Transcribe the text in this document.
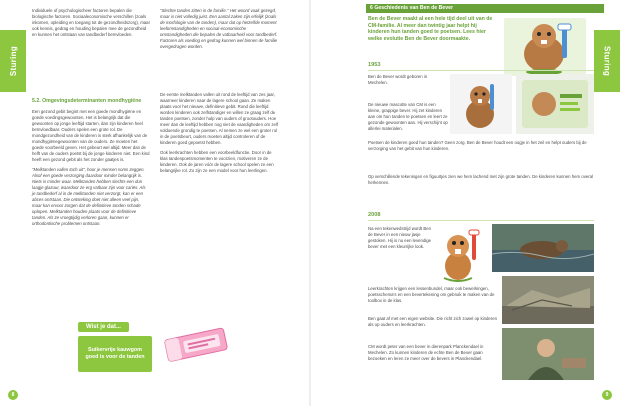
Sturing

Individuele of psychologischeer factoren bepalen die biologische factoren. Sociaaleconomische verschillen (zoals inkomen, opleiding en toegang tot de gezondheidszorg), maar ook kennis, gedrag en houding bepalen mee de gezondheid en kunnen het ontstaan van tandbederf beïnvloeden.

"Slechte tanden zitten in de familie." Het woord vaak gezegd, maar is niet volledig juist. Een aantal zaken zijn erfelijk (zoals de morfologie van de tanden), maar dat op hetzelfde moment leefomstandigheden en sociaal-economische omstandigheden die bepalen de vatbaarheid voor tandbederf. Factoren als voeding en gedrag kunnen wel binnen de familie overgedragen worden.

5.2. Omgevingsdeterminanten mondhygiëne

Een gezond gebit begint met een goede mondhygiëne en goede voedingsgewoonten. Het is belangrijk dat die gewoonten op jonge leeftijd starten, dan zijn kinderen heel beïnvloedbaar. Ouders spelen een grote rol. De mondgezondheid van de kinderen is sterk afhankelijk van de mondhygiënegewoonten van de ouders. Ze moeten het goede voorbeeld geven. Het gebeurt wel altijd. Meer dan de helft van de ouders poetst bij de jonge kinderen niet. Een kind heeft een gezond gebit als het zonder gaatjes is.

"Melktanden vallen toch uit", hoor je mensen soms zeggen. Alsof een goede verzorging daardoor minder belangrijk is. Niets is minder waar. Melktanden hebben slechts een dun laagje glazuur, waardoor ze erg vatbaar zijn voor cariës. Als je tandbederf al in de melktanden niet verzorgt, kan er een abces ontstaan. Die ontsteking doet niet alleen veel pijn, maar kan ervoor zorgen dat de definitieve tanden schade oplopen. Melktanden houden plaats voor de definitieve tanden. Als ze vroegtijdig verloren gaan, kunnen er orthodontische problemen ontstaan.

De eerste melktanden vallen uit rond de leeftijd van zes jaar, waarneer kinderen naar de lagere school gaan. Ze maken plaats voor het nieuwe, definitieve gebit. Rond die leeftijd worden kinderen ook zelfstandiger en willen ze graag zelf de tanden poetsen, zonder hulp van ouders of grootouders. Hoe meer dan de leeftijd hebben nog niet de vaardigheden om zelf voldoende grondig te poetsen. Al nemen ze wel een groter rol in de poetsbeurt, ouders moeten altijd controleren of de kinderen goed gepoetst hebben.

Ook leerkrachten hebben een voorbeeldfunctie. Door in de klas tandenpoetsmomenten te voorzien, motiveren ze de kinderen. Ook de jaren vóór de lagere school spelen ze een belangrijke rol. Zo zijn ze een model voor hun leerlingen.

Wist je dat...
Suikervrije kauwgom goed is voor de tanden
8
6 Geschiedenis van Ben de Bever
Ben de Bever maakt al een hele tijd deel uit van de CM-familie. Al meer dan twintig jaar helpt hij kinderen hun tanden goed te poetsen. Lees hier welke evolutie Ben de Bever doormaakte.
1953
Ben de Bever wordt geboren in Mechelen.
De nieuwe mascotte van CM is een kleine, grappige bever. Hij zet kinderen aan om hun tanden te poetsen en leert ze gezonde gewoonten aan. Hij verschijnt op allerlei materialen.
Poetsen de kinderen goed hun tanden? Geen zorg. Ben de Bever houdt een oogje in het zeil en helpt ouders bij de verzorging van het gebit van hun kinderen.
Op verschillende tekeningen en figuurtjes zien we hem lachend met zijn grote tanden. De kinderen kunnen hem overal herkennen.
2008
Na een tekenwedstrijd wordt Ben de Bever in een nieuw jasje gestoken. Hij is nu een levendige bever met een kleurrijke look.
Leerkrachten krijgen een lessenbundel, maar ook bewerkingen, poetsschema's en een bevertekening om gebruik te maken van de toolbox in de klas.
Ben gaat af met een eigen website. Die richt zich zowel op kinderen als op ouders en leerkrachten.
CM wordt peter van een bever in dierenpark Planckendael in Mechelen. Zo kunnen kinderen de echte Ben de Bever gaan bezoeken en leren ze meer over de bevers in Planckendael.
Sturing
9
